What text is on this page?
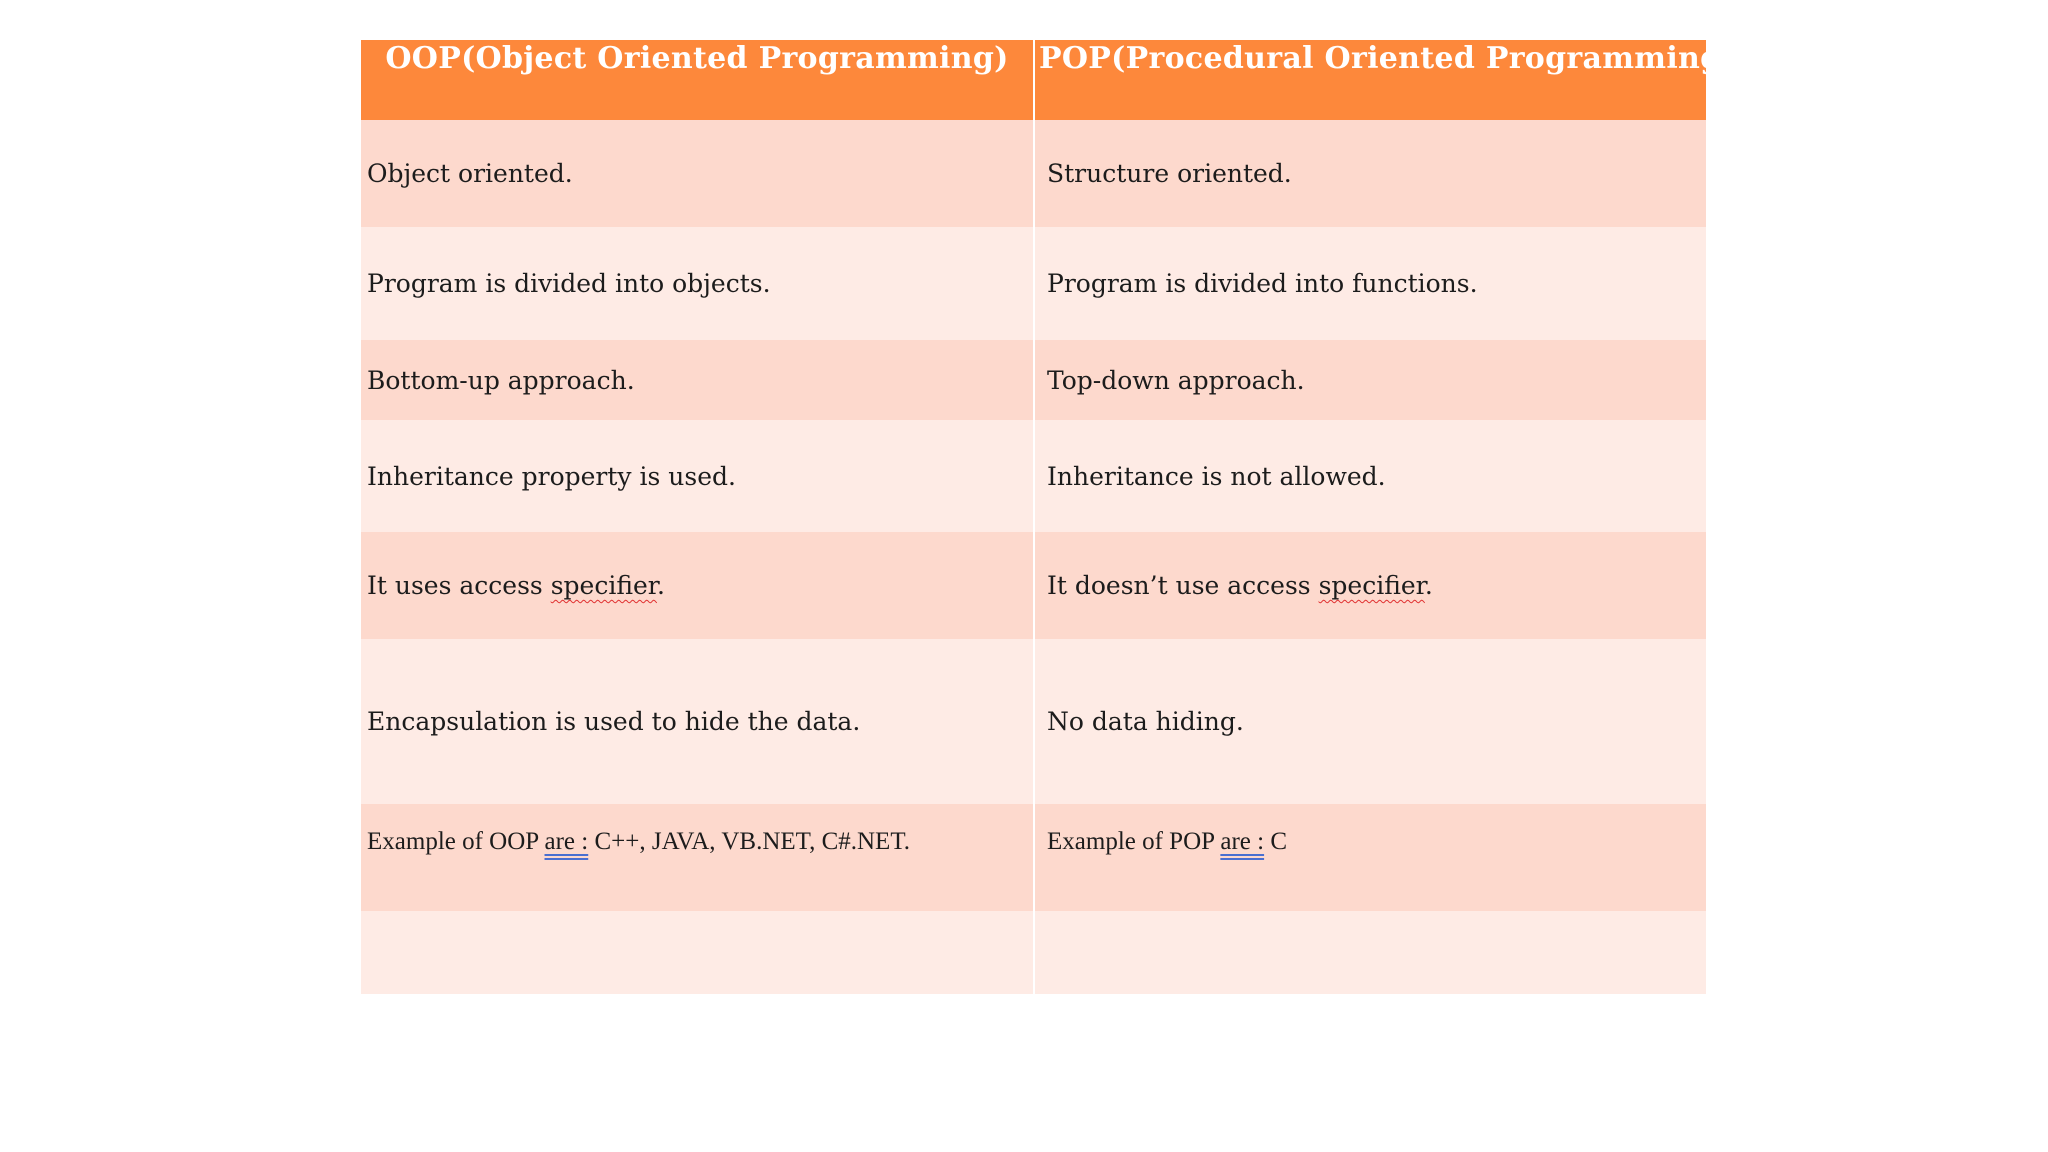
OOP(Object Oriented Programming)	POP(Procedural Oriented Programming)

Object oriented.	Structure oriented.
Program is divided into objects.	Program is divided into functions.
Bottom-up approach.	Top-down approach.
Inheritance property is used.	Inheritance is not allowed.
It uses access specifier.	It doesn’t use access specifier.
Encapsulation is used to hide the data.	No data hiding.
Example of OOP are : C++, JAVA, VB.NET, C#.NET.	Example of POP are : C
